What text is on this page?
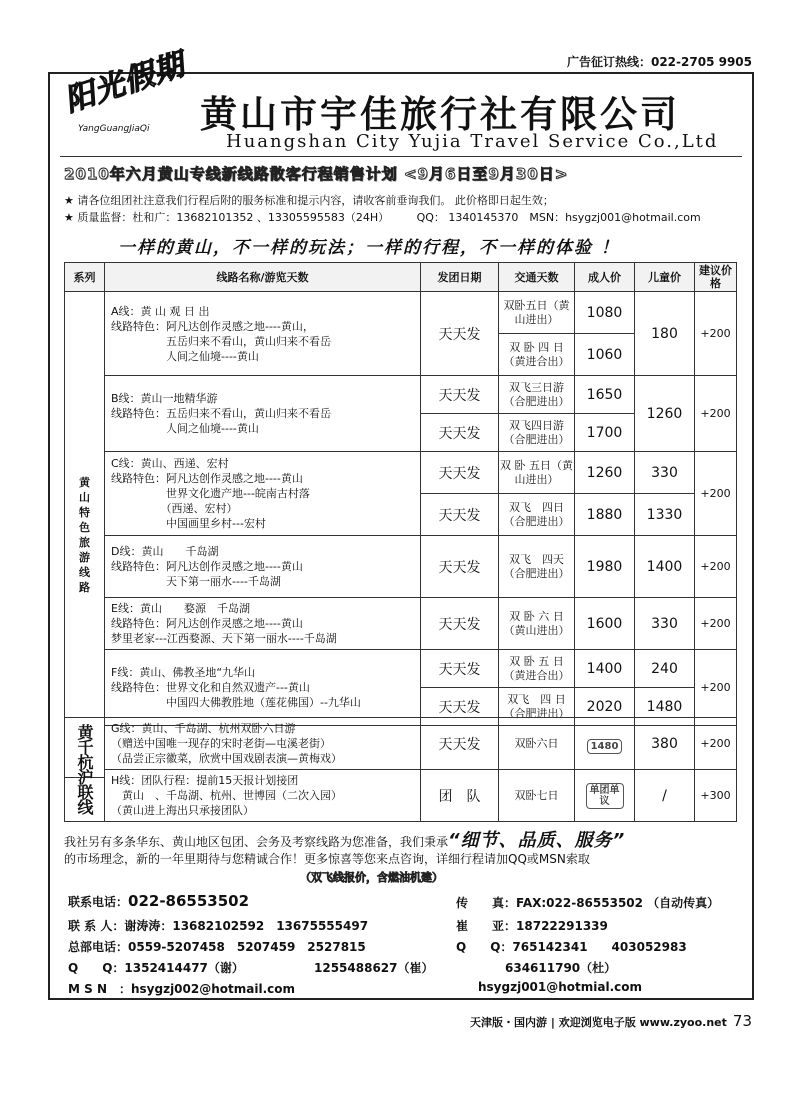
广告征订热线：022-2705 9905
阳光假期
YangGuangJiaQi 黄山市宇佳旅行社有限公司
Huangshan City Yujia Travel Service Co.,Ltd
2010年六月黄山专线新线路散客行程销售计划 <9月6日至9月30日>
★ 请各位组团社注意我们行程后附的服务标准和提示内容，请收客前垂询我们。 此价格即日起生效；
★ 质量监督：杜和广：13682101352 、13305595583（24H）　　　QQ： 1340145370　MSN：hsygzj001@hotmail.com
一样的黄山，不一样的玩法；一样的行程，不一样的体验 ！
系列	线路名称/游览天数	发团日期	交通天数	成人价	儿童价	建议价格

黄山特色旅游线路	A线：黄 山 观 日 出
线路特色：阿凡达创作灵感之地----黄山，
　　　　　五岳归来不看山，黄山归来不看岳
　　　　　人间之仙境----黄山	天天发	双卧五日（黄山进出）	1080	180	+200
			双 卧 四 日（黄进合出）	1060		

	B线：黄山一地精华游
线路特色：五岳归来不看山，黄山归来不看岳
　　　　　人间之仙境----黄山	天天发	双飞三日游（合肥进出）	1650	1260	+200
		天天发	双飞四日游（合肥进出）	1700		

	C线：黄山、西递、宏村
线路特色：阿凡达创作灵感之地----黄山
　　　　　世界文化遗产地---皖南古村落
　　　　　（西递、宏村）
　　　　　中国画里乡村---宏村	天天发	双 卧 五日（黄山进出）	1260	330	+200
		天天发	双飞　四日（合肥进出）	1880	1330	

	D线：黄山　　千岛湖
线路特色：阿凡达创作灵感之地----黄山
　　　　　天下第一丽水----千岛湖	天天发	双飞　四天（合肥进出）	1980	1400	+200

	E线：黄山　　婺源　千岛湖
线路特色：阿凡达创作灵感之地----黄山
梦里老家---江西婺源、天下第一丽水----千岛湖	天天发	双 卧 六 日（黄山进出）	1600	330	+200

	F线：黄山、佛教圣地“九华山
线路特色：世界文化和自然双遗产---黄山
　　　　　中国四大佛教胜地（莲花佛国）--九华山	天天发	双 卧 五 日（黄进合出）	1400	240	+200
		天天发	双飞　四 日（合肥进出）	2020	1480	

黄千杭沪联线	G线：黄山、千岛湖、杭州双卧六日游
（赠送中国唯一现存的宋时老街—屯溪老街）
（品尝正宗徽菜，欣赏中国戏剧表演—黄梅戏）	天天发	双卧六日	1480	380	+200

	H线：团队行程：提前15天报计划接团
　黄山　、千岛湖、杭州、世博园（二次入园）
（黄山进上海出只承接团队）	团　队	双卧七日	单团单议	/	+300
我社另有多条华东、黄山地区包团、会务及考察线路为您准备，我们秉承“细节、品质、服务”
的市场理念，新的一年里期待与您精诚合作！更多惊喜等您来点咨询，详细行程请加QQ或MSN索取
（双飞线报价，含燃油机建）
联系电话：022-86553502	传　　真：FAX:022-86553502 （自动传真）
联 系 人：谢涛涛：13682102592　13675555497	崔　　亚：18722291339
总部电话：0559-5207458　5207459　2527815	Q　　Q：765142341　　403052983
Q　　Q：1352414477（谢）	1255488627（崔）	634611790（杜）
M S N　：hsygzj002@hotmail.com	hsygzj001@hotmial.com
天津版・国内游 | 欢迎浏览电子版 www.zyoo.net 73
